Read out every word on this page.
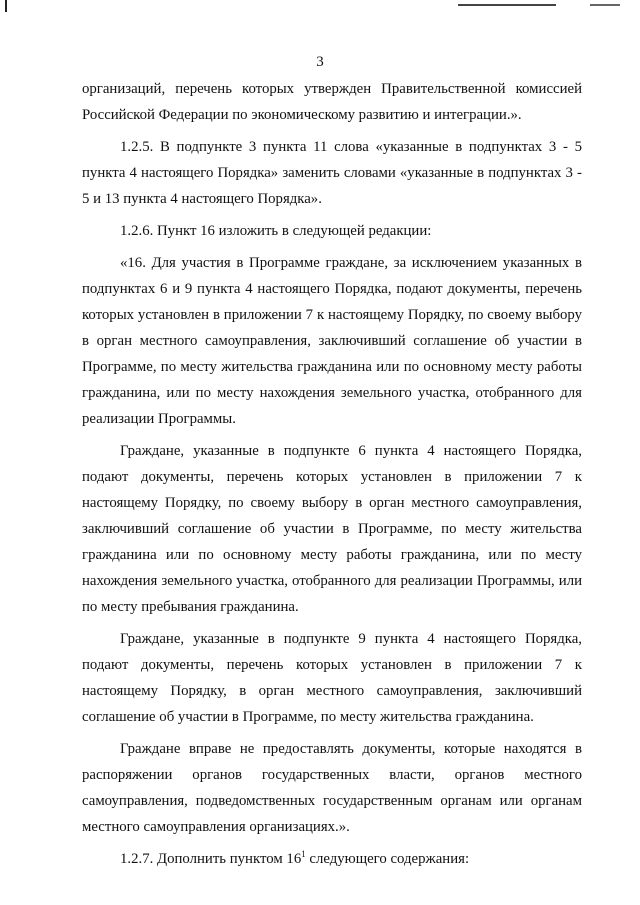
3

организаций, перечень которых утвержден Правительственной комиссией Российской Федерации по экономическому развитию и интеграции.».

1.2.5. В подпункте 3 пункта 11 слова «указанные в подпунктах 3 - 5 пункта 4 настоящего Порядка» заменить словами «указанные в подпунктах 3 - 5 и 13 пункта 4 настоящего Порядка».

1.2.6. Пункт 16 изложить в следующей редакции:

«16. Для участия в Программе граждане, за исключением указанных в подпунктах 6 и 9 пункта 4 настоящего Порядка, подают документы, перечень которых установлен в приложении 7 к настоящему Порядку, по своему выбору в орган местного самоуправления, заключивший соглашение об участии в Программе, по месту жительства гражданина или по основному месту работы гражданина, или по месту нахождения земельного участка, отобранного для реализации Программы.

Граждане, указанные в подпункте 6 пункта 4 настоящего Порядка, подают документы, перечень которых установлен в приложении 7 к настоящему Порядку, по своему выбору в орган местного самоуправления, заключивший соглашение об участии в Программе, по месту жительства гражданина или по основному месту работы гражданина, или по месту нахождения земельного участка, отобранного для реализации Программы, или по месту пребывания гражданина.

Граждане, указанные в подпункте 9 пункта 4 настоящего Порядка, подают документы, перечень которых установлен в приложении 7 к настоящему Порядку, в орган местного самоуправления, заключивший соглашение об участии в Программе, по месту жительства гражданина.

Граждане вправе не предоставлять документы, которые находятся в распоряжении органов государственных власти, органов местного самоуправления, подведомственных государственным органам или органам местного самоуправления организациях.».

1.2.7. Дополнить пунктом $16^1$ следующего содержания:
